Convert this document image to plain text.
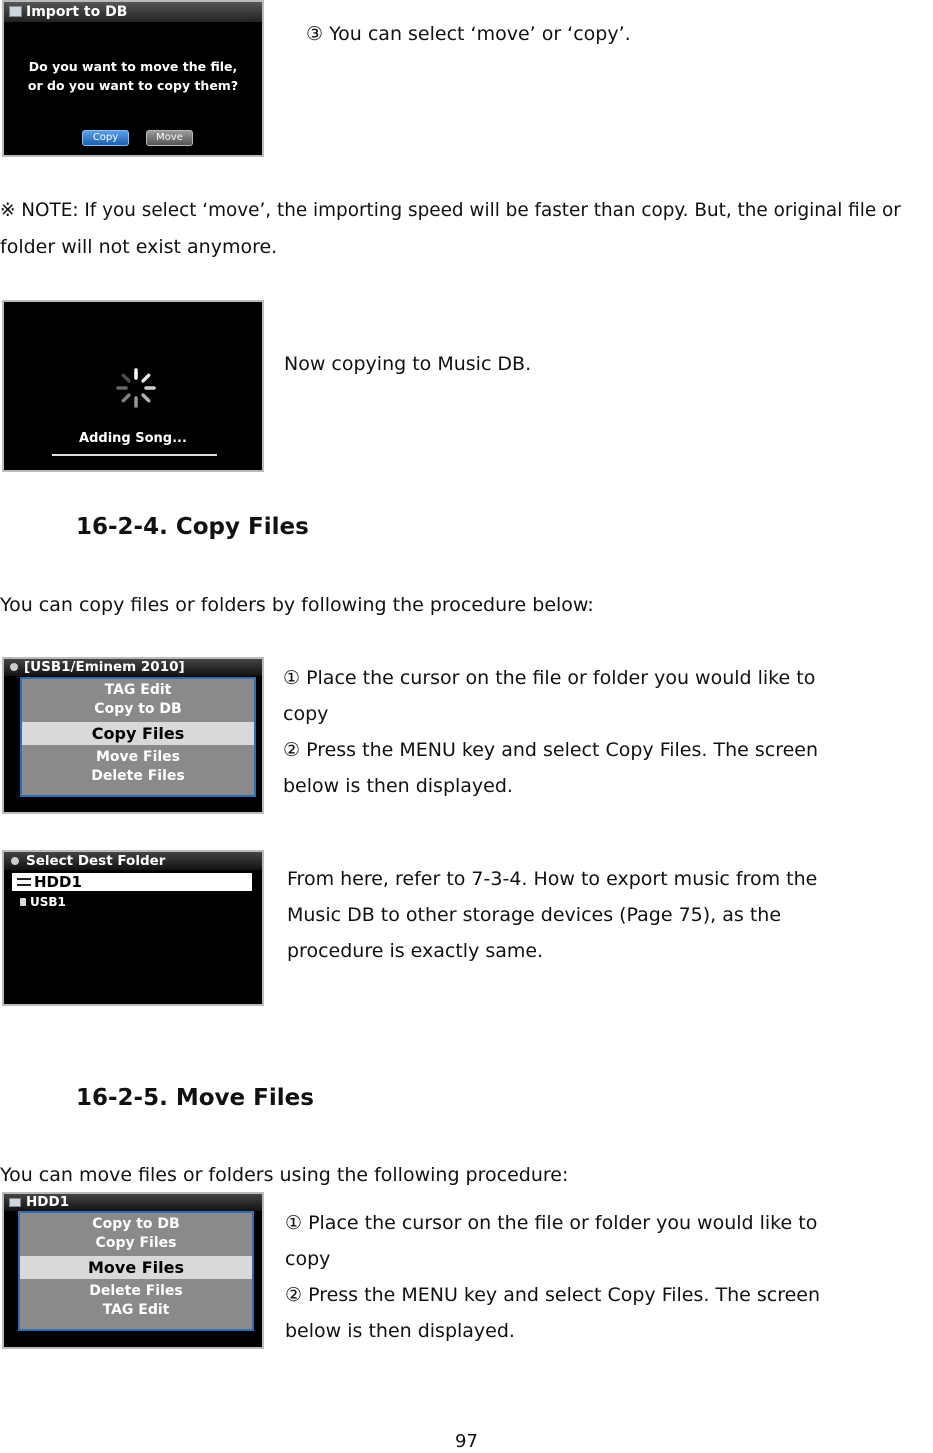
Import to DB
Do you want to move the file,
or do you want to copy them?
Copy	Move
③ You can select ‘move’ or ‘copy’.
※ NOTE: If you select ‘move’, the importing speed will be faster than copy. But, the original file or
folder will not exist anymore.
Adding Song...
Now copying to Music DB.
16-2-4. Copy Files
You can copy files or folders by following the procedure below:
[USB1/Eminem 2010]
TAG Edit
Copy to DB
Copy Files
Move Files
Delete Files
① Place the cursor on the file or folder you would like to
copy
② Press the MENU key and select Copy Files. The screen
below is then displayed.
Select Dest Folder
HDD1
USB1
From here, refer to 7-3-4. How to export music from the
Music DB to other storage devices (Page 75), as the
procedure is exactly same.
16-2-5. Move Files
You can move files or folders using the following procedure:
HDD1
Copy to DB
Copy Files
Move Files
Delete Files
TAG Edit
① Place the cursor on the file or folder you would like to
copy
② Press the MENU key and select Copy Files. The screen
below is then displayed.
97
